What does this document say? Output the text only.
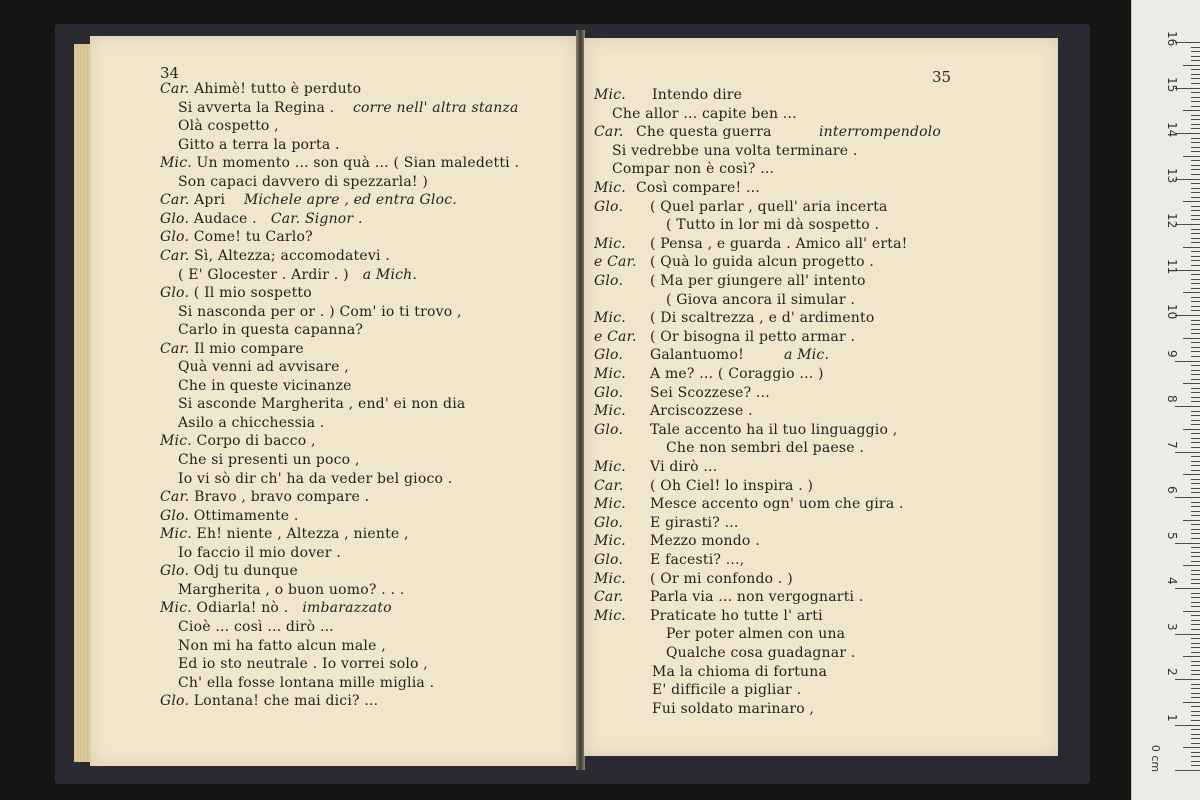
34
Car. Ahimè! tutto è perduto
Si avverta la Regina . corre nell' altra stanza
Olà cospetto ,
Gitto a terra la porta .
Mic. Un momento ... son quà ... ( Sian maledetti .
Son capaci davvero di spezzarla! )
Car. Apri Michele apre , ed entra Gloc.
Glo. Audace . Car. Signor .
Glo. Come! tu Carlo?
Car. Sì, Altezza; accomodatevi .
( E' Glocester . Ardir . ) a Mich.
Glo. ( Il mio sospetto
Si nasconda per or . ) Com' io ti trovo ,
Carlo in questa capanna?
Car. Il mio compare
Quà venni ad avvisare ,
Che in queste vicinanze
Si asconde Margherita , end' ei non dia
Asilo a chicchessia .
Mic. Corpo di bacco ,
Che si presenti un poco ,
Io vi sò dir ch' ha da veder bel gioco .
Car. Bravo , bravo compare .
Glo. Ottimamente .
Mic. Eh! niente , Altezza , niente ,
Io faccio il mio dover .
Glo. Odj tu dunque
Margherita , o buon uomo? . . .
Mic. Odiarla! nò . imbarazzato
Cioè ... così ... dirò ...
Non mi ha fatto alcun male ,
Ed io sto neutrale . Io vorrei solo ,
Ch' ella fosse lontana mille miglia .
Glo. Lontana! che mai dici? ...
35
Mic. Intendo dire
Che allor ... capite ben ...
Car. Che questa guerra	interrompendolo
Si vedrebbe una volta terminare .
Compar non è così? ...
Mic. Così compare! ...
Glo. ( Quel parlar , quell' aria incerta
( Tutto in lor mi dà sospetto .
Mic. ( Pensa , e guarda . Amico all' erta!
e Car. ( Quà lo guida alcun progetto .
Glo. ( Ma per giungere all' intento
( Giova ancora il simular .
Mic. ( Di scaltrezza , e d' ardimento
e Car. ( Or bisogna il petto armar .
Glo. Galantuomo!	a Mic.
Mic. A me? ... ( Coraggio ... )
Glo. Sei Scozzese? ...
Mic. Arciscozzese .
Glo. Tale accento ha il tuo linguaggio ,
Che non sembri del paese .
Mic. Vi dirò ...
Car. ( Oh Ciel! lo inspira . )
Mic. Mesce accento ogn' uom che gira .
Glo. E girasti? ...
Mic. Mezzo mondo .
Glo. E facesti? ...,
Mic. ( Or mi confondo . )
Car. Parla via ... non vergognarti .
Mic. Praticate ho tutte l' arti
Per poter almen con una
Qualche cosa guadagnar .
Ma la chioma di fortuna
E' difficile a pigliar .
Fui soldato marinaro ,
0 cm
16
15
14
13
12
11
10
9
8
7
6
5
4
3
2
1
